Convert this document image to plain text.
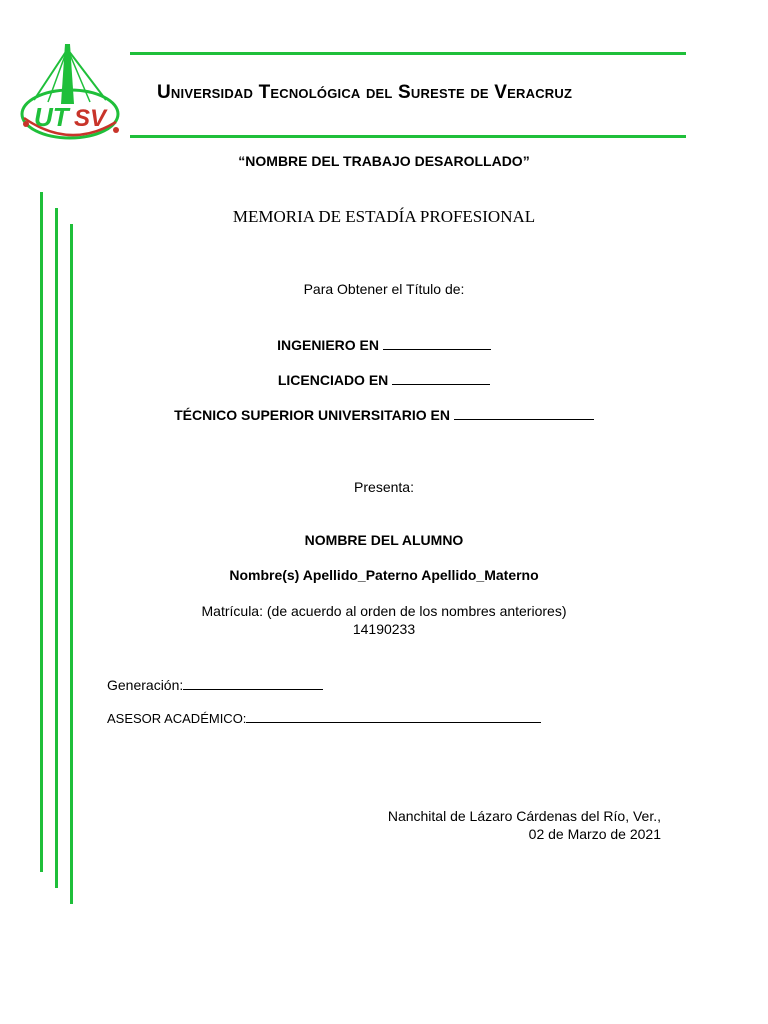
UT SV
Universidad Tecnológica del Sureste de Veracruz
“NOMBRE DEL TRABAJO DESAROLLADO”
MEMORIA DE ESTADÍA PROFESIONAL
Para Obtener el Título de:
INGENIERO EN
LICENCIADO EN
TÉCNICO SUPERIOR UNIVERSITARIO EN
Presenta:
NOMBRE DEL ALUMNO
Nombre(s) Apellido_Paterno Apellido_Materno
Matrícula: (de acuerdo al orden de los nombres anteriores)
14190233
Generación:
ASESOR ACADÉMICO:
Nanchital de Lázaro Cárdenas del Río, Ver.,
02 de Marzo de 2021
